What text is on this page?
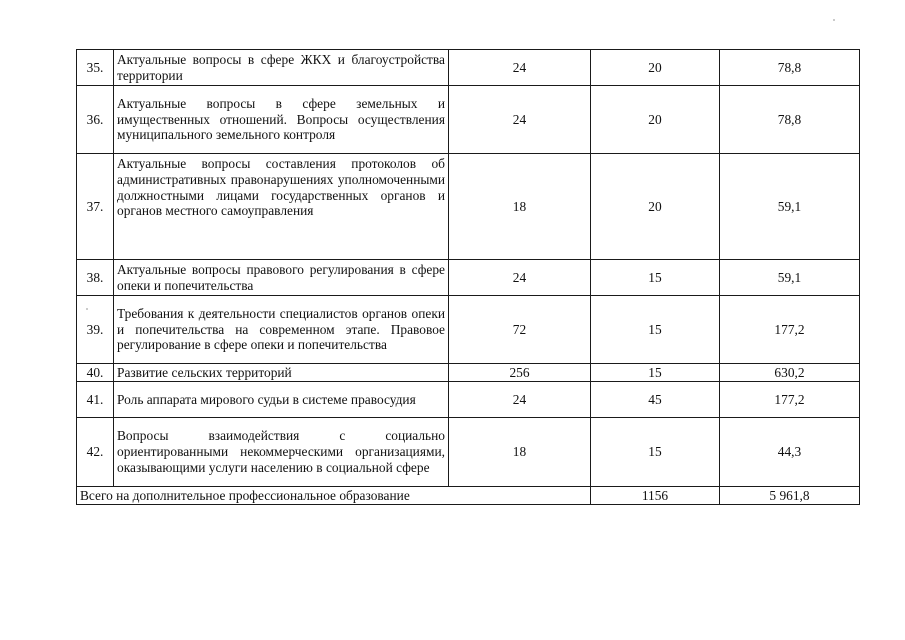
35.	Актуальные вопросы в сфере ЖКХ и благоустройства территории	24	20	78,8
36.	Актуальные вопросы в сфере земельных и имущественных отношений. Вопросы осуществления муниципального земельного контроля	24	20	78,8
37.	Актуальные вопросы составления протоколов об административных правонарушениях уполномоченными должностными лицами государственных органов и органов местного самоуправления	18	20	59,1
38.	Актуальные вопросы правового регулирования в сфере опеки и попечительства	24	15	59,1
39.	Требования к деятельности специалистов органов опеки и попечительства на современном этапе. Правовое регулирование в сфере опеки и попечительства	72	15	177,2
40.	Развитие сельских территорий	256	15	630,2
41.	Роль аппарата мирового судьи в системе правосудия	24	45	177,2
42.	Вопросы взаимодействия с социально ориентированными некоммерческими организациями, оказывающими услуги населению в социальной сфере	18	15	44,3
Всего на дополнительное профессиональное образование			1156	5 961,8
